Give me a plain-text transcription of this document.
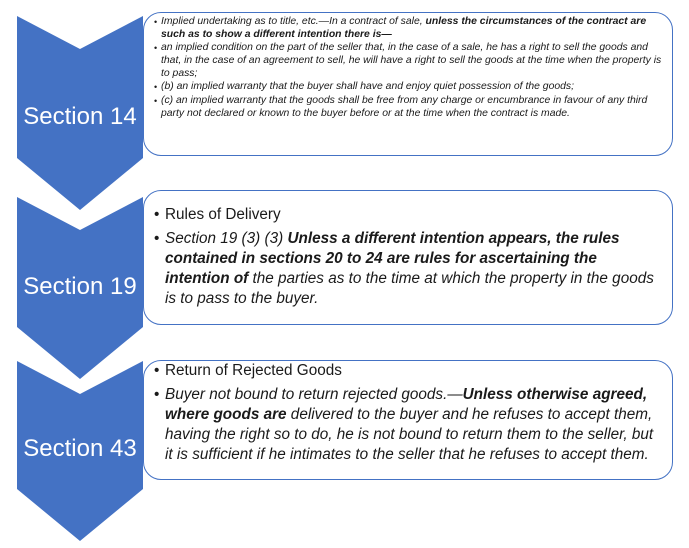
Section 14
Section 19
Section 43
• Implied undertaking as to title, etc.—In a contract of sale, unless the circumstances of the contract are such as to show a different intention there is—
• an implied condition on the part of the seller that, in the case of a sale, he has a right to sell the goods and that, in the case of an agreement to sell, he will have a right to sell the goods at the time when the property is to pass;
• (b) an implied warranty that the buyer shall have and enjoy quiet possession of the goods;
• (c) an implied warranty that the goods shall be free from any charge or encumbrance in favour of any third party not declared or known to the buyer before or at the time when the contract is made.
• Rules of Delivery
• Section 19 (3) (3) Unless a different intention appears, the rules contained in sections 20 to 24 are rules for ascertaining the intention of the parties as to the time at which the property in the goods is to pass to the buyer.
• Return of Rejected Goods
• Buyer not bound to return rejected goods.—Unless otherwise agreed, where goods are delivered to the buyer and he refuses to accept them, having the right so to do, he is not bound to return them to the seller, but it is sufficient if he intimates to the seller that he refuses to accept them.
